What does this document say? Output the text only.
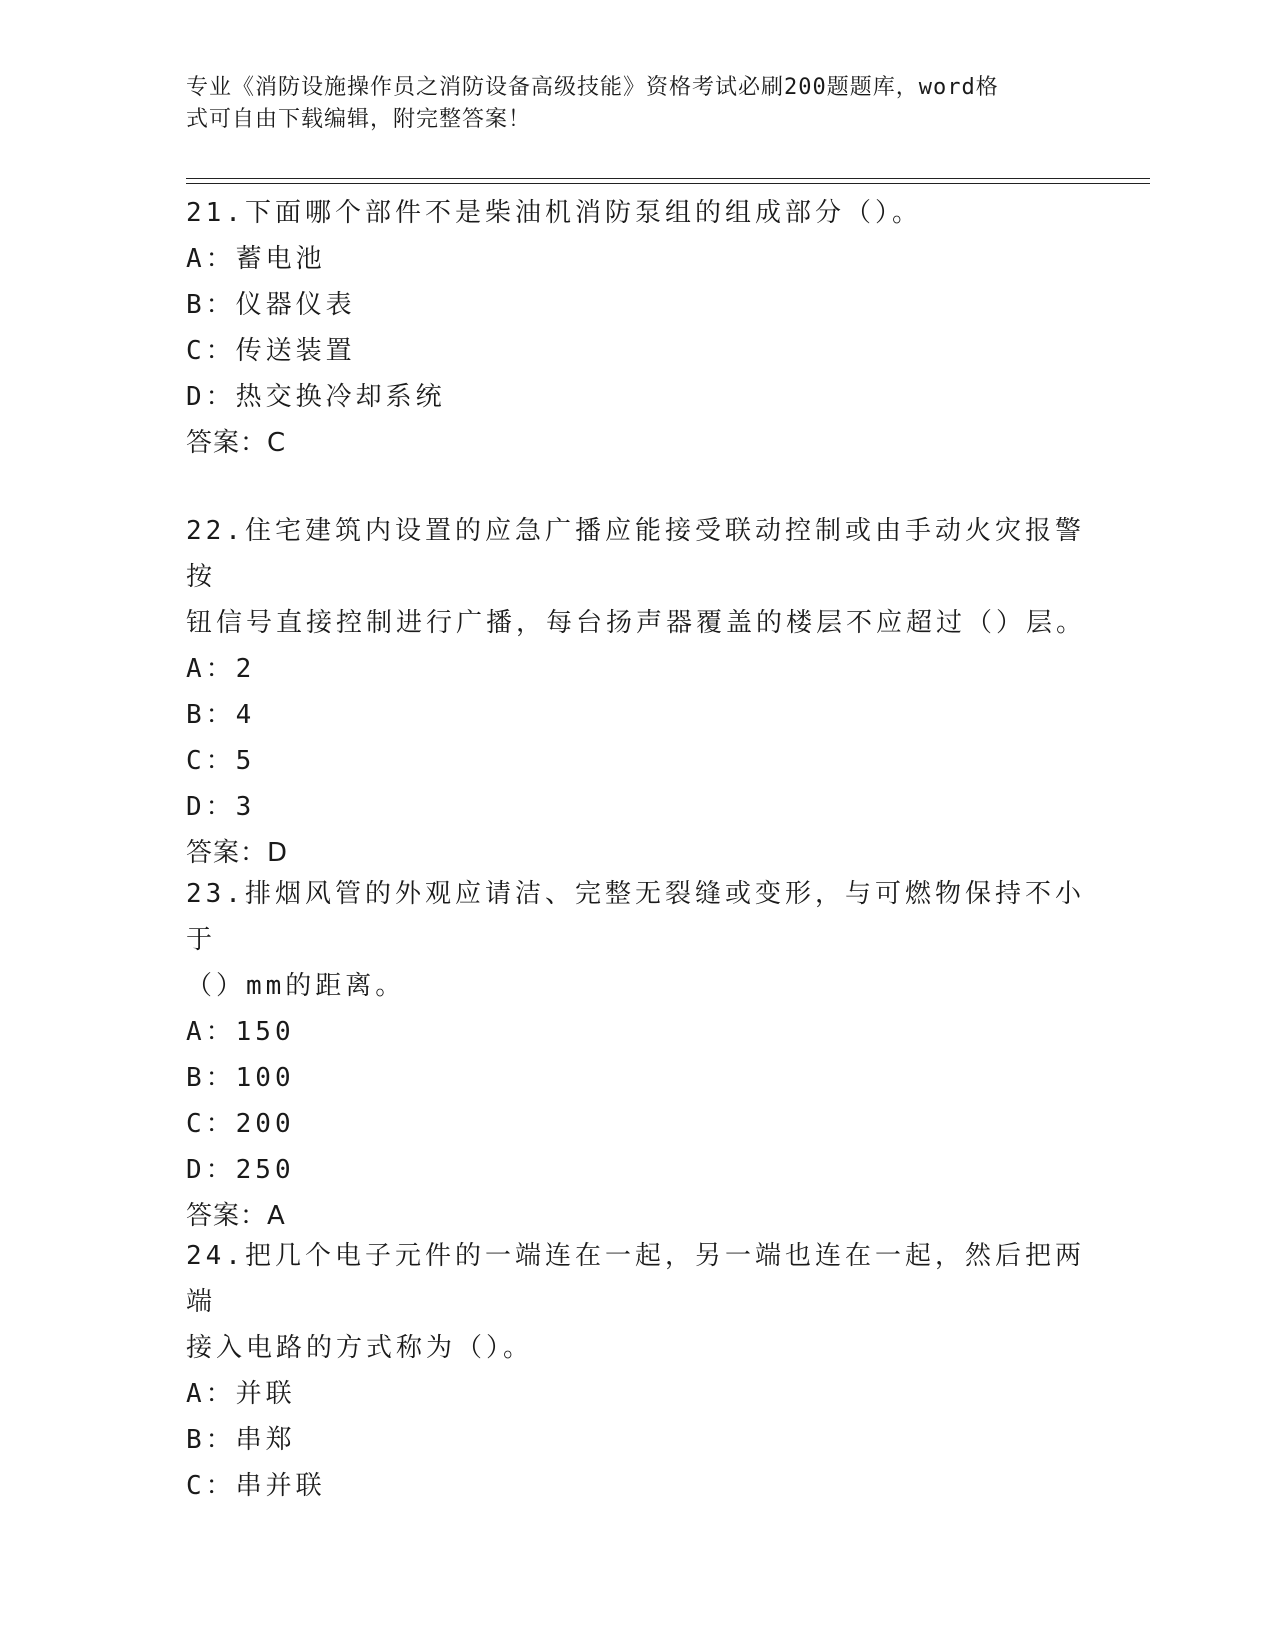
专业《消防设施操作员之消防设备高级技能》资格考试必刷200题题库，word格
式可自由下载编辑，附完整答案！

21.下面哪个部件不是柴油机消防泵组的组成部分（）。

A：蓄电池

B：仪器仪表

C：传送装置

D：热交换冷却系统

答案：C

22.住宅建筑内设置的应急广播应能接受联动控制或由手动火灾报警按

钮信号直接控制进行广播，每台扬声器覆盖的楼层不应超过（）层。

A：2

B：4

C：5

D：3

答案：D

23.排烟风管的外观应请洁、完整无裂缝或变形，与可燃物保持不小于

（）mm的距离。

A：150

B：100

C：200

D：250

答案：A

24.把几个电子元件的一端连在一起，另一端也连在一起，然后把两端

接入电路的方式称为（）。

A：并联

B：串郑

C：串并联
